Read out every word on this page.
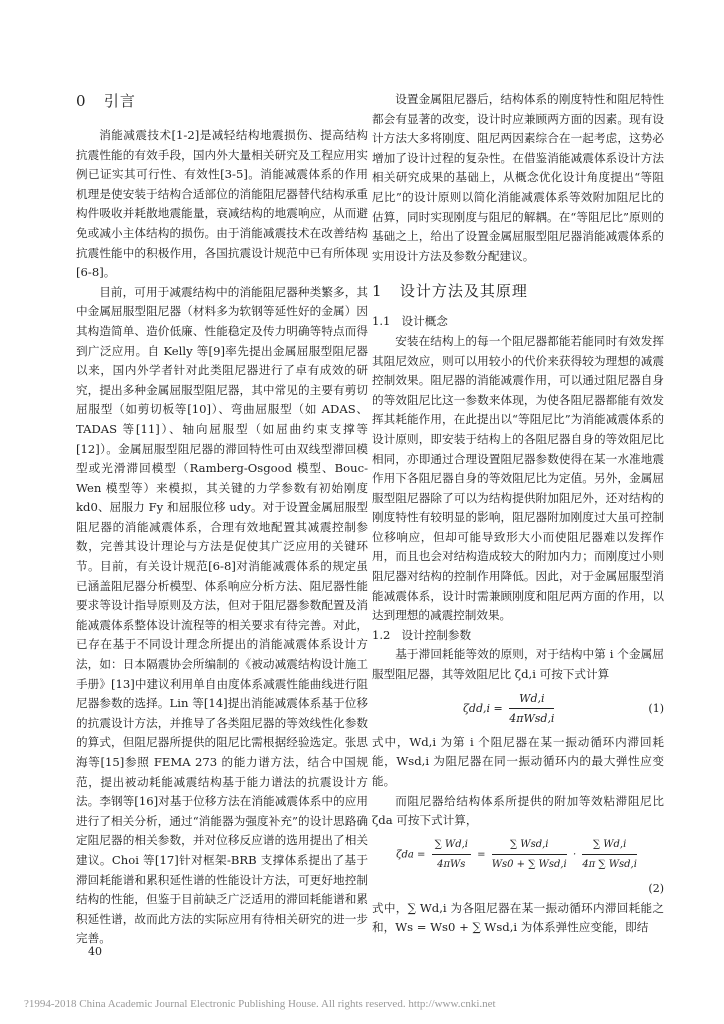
0 引言

消能减震技术[1-2]是减轻结构地震损伤、提高结构抗震性能的有效手段，国内外大量相关研究及工程应用实例已证实其可行性、有效性[3-5]。消能减震体系的作用机理是使安装于结构合适部位的消能阻尼器替代结构承重构件吸收并耗散地震能量，衰减结构的地震响应，从而避免或减小主体结构的损伤。由于消能减震技术在改善结构抗震性能中的积极作用，各国抗震设计规范中已有所体现[6-8]。

目前，可用于减震结构中的消能阻尼器种类繁多，其中金属屈服型阻尼器（材料多为软钢等延性好的金属）因其构造简单、造价低廉、性能稳定及传力明确等特点而得到广泛应用。自 Kelly 等[9]率先提出金属屈服型阻尼器以来，国内外学者针对此类阻尼器进行了卓有成效的研究，提出多种金属屈服型阻尼器，其中常见的主要有剪切屈服型（如剪切板等[10]）、弯曲屈服型（如 ADAS、TADAS 等[11]）、轴向屈服型（如屈曲约束支撑等[12]）。金属屈服型阻尼器的滞回特性可由双线型滞回模型或光滑滞回模型（Ramberg-Osgood 模型、Bouc-Wen 模型等）来模拟，其关键的力学参数有初始刚度 kd0、屈服力 Fy 和屈服位移 udy。对于设置金属屈服型阻尼器的消能减震体系，合理有效地配置其减震控制参数，完善其设计理论与方法是促使其广泛应用的关键环节。目前，有关设计规范[6-8]对消能减震体系的规定虽已涵盖阻尼器分析模型、体系响应分析方法、阻尼器性能要求等设计指导原则及方法，但对于阻尼器参数配置及消能减震体系整体设计流程等的相关要求有待完善。对此，已存在基于不同设计理念所提出的消能减震体系设计方法，如：日本隔震协会所编制的《被动减震结构设计施工手册》[13]中建议利用单自由度体系减震性能曲线进行阻尼器参数的选择。Lin 等[14]提出消能减震体系基于位移的抗震设计方法，并推导了各类阻尼器的等效线性化参数的算式，但阻尼器所提供的阻尼比需根据经验选定。张思海等[15]参照 FEMA 273 的能力谱方法，结合中国规范，提出被动耗能减震结构基于能力谱法的抗震设计方法。李钢等[16]对基于位移方法在消能减震体系中的应用进行了相关分析，通过“消能器为强度补充”的设计思路确定阻尼器的相关参数，并对位移反应谱的选用提出了相关建议。Choi 等[17]针对框架-BRB 支撑体系提出了基于滞回耗能谱和累积延性谱的性能设计方法，可更好地控制结构的性能，但鉴于目前缺乏广泛适用的滞回耗能谱和累积延性谱，故而此方法的实际应用有待相关研究的进一步完善。

设置金属阻尼器后，结构体系的刚度特性和阻尼特性都会有显著的改变，设计时应兼顾两方面的因素。现有设计方法大多将刚度、阻尼两因素综合在一起考虑，这势必增加了设计过程的复杂性。在借鉴消能减震体系设计方法相关研究成果的基础上，从概念优化设计角度提出“等阻尼比”的设计原则以简化消能减震体系等效附加阻尼比的估算，同时实现刚度与阻尼的解耦。在“等阻尼比”原则的基础之上，给出了设置金属屈服型阻尼器消能减震体系的实用设计方法及参数分配建议。

1 设计方法及其原理
1.1 设计概念

安装在结构上的每一个阻尼器都能若能同时有效发挥其阻尼效应，则可以用较小的代价来获得较为理想的减震控制效果。阻尼器的消能减震作用，可以通过阻尼器自身的等效阻尼比这一参数来体现，为使各阻尼器都能有效发挥其耗能作用，在此提出以“等阻尼比”为消能减震体系的设计原则，即安装于结构上的各阻尼器自身的等效阻尼比相同，亦即通过合理设置阻尼器参数使得在某一水准地震作用下各阻尼器自身的等效阻尼比为定值。另外，金属屈服型阻尼器除了可以为结构提供附加阻尼外，还对结构的刚度特性有较明显的影响，阻尼器附加刚度过大虽可控制位移响应，但却可能导致形大小而使阻尼器难以发挥作用，而且也会对结构造成较大的附加内力；而刚度过小则阻尼器对结构的控制作用降低。因此，对于金属屈服型消能减震体系，设计时需兼顾刚度和阻尼两方面的作用，以达到理想的减震控制效果。

1.2 设计控制参数

基于滞回耗能等效的原则，对于结构中第 i 个金属屈服型阻尼器，其等效阻尼比 ζd,i 可按下式计算

$\zeta dd,i = \frac{Wd,i}{\text{4πWsd,i}}$	(1)

式中，Wd,i 为第 i 个阻尼器在某一振动循环内滞回耗能，Wsd,i 为阻尼器在同一振动循环内的最大弹性应变能。

而阻尼器给结构体系所提供的附加等效粘滞阻尼比 ζda 可按下式计算，

$\zeta da = \frac{\sum Wd,i}{\text{4πWs}} = \frac{\text{∑ Wsd,i}}{\text{Ws0 + ∑ Wsd,i}} \cdot \frac{\sum Wd,i}{\text{4π ∑ Wsd,i}}$
(2)

式中，∑ Wd,i 为各阻尼器在某一振动循环内滞回耗能之和，Ws = Ws0 + ∑ Wsd,i 为体系弹性应变能，即结

40
?1994-2018 China Academic Journal Electronic Publishing House. All rights reserved. http://www.cnki.net
